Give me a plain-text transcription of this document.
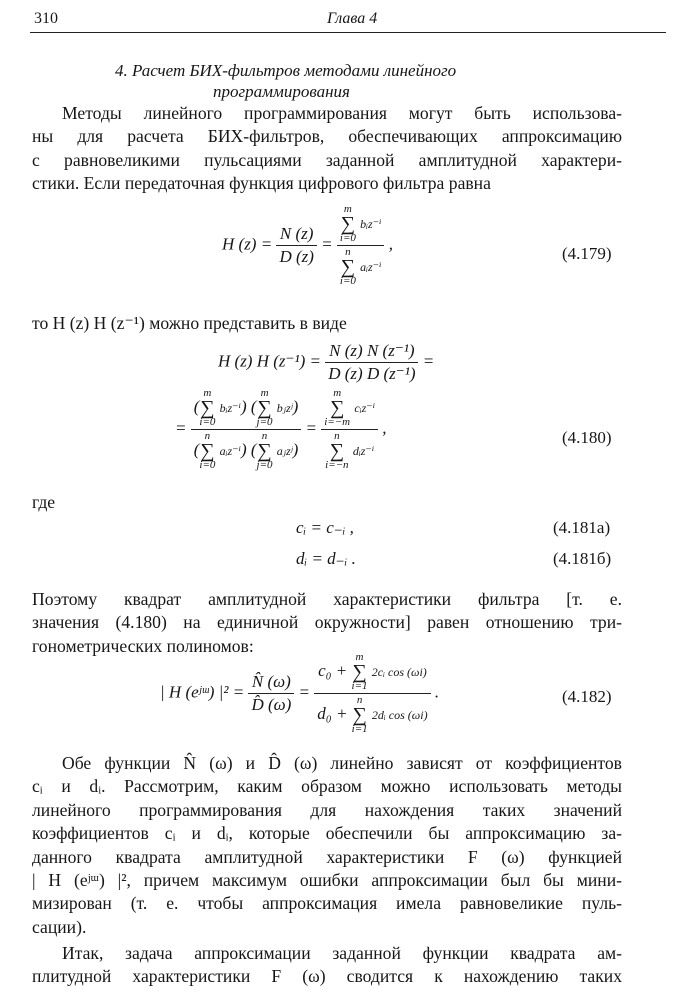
310	Глава 4
4. Расчет БИХ-фильтров методами линейного
программирования
Методы линейного программирования могут быть использова-
ны для расчета БИХ-фильтров, обеспечивающих аппроксимацию
с равновеликими пульсациями заданной амплитудной характери-
стики. Если передаточная функция цифрового фильтра равна
H $(z) = \frac{N (z)}{D (z)} = m$
∑
i=0
bᵢz⁻ⁱ
n
∑
i=0
aᵢz⁻ⁱ ,
(4.179)
то H (z) H (z⁻¹) можно представить в виде
H (z) H $(z^{-1}) = \frac{\text{N (z) N (z⁻¹)}}{\text{D (z) D (z⁻¹)}}$ =
= (
m
∑
i=0
bᵢz⁻ⁱ) (
m
∑
j=0
bⱼzʲ)
(
n
∑
i=0
aᵢz⁻ⁱ) (
n
∑
j=0
aⱼzʲ) = m
∑
i=−m
cᵢz⁻ⁱ
n
∑
i=−n
dᵢz⁻ⁱ ,
(4.180)
где
cᵢ = c₋ᵢ ,	(4.181a)
dᵢ = d₋ᵢ .	(4.181б)
Поэтому квадрат амплитудной характеристики фильтра [т. е.
значения (4.180) на единичной окружности] равен отношению три-
гонометрических полиномов:
| H (eʲᵚ) $|^2 = \frac{N̂ (\omega)}{D̂ (\omega)} = c_0$ +
m
∑
i=1
2cᵢ cos (ωi)
d₀ +
n
∑
i=1
2dᵢ cos (ωi) .	(4.182)
Обе функции N̂ (ω) и D̂ (ω) линейно зависят от коэффициентов
cᵢ и dᵢ. Рассмотрим, каким образом можно использовать методы
линейного программирования для нахождения таких значений
коэффициентов cᵢ и dᵢ, которые обеспечили бы аппроксимацию за-
данного квадрата амплитудной характеристики F (ω) функцией
| H (eʲᵚ) |², причем максимум ошибки аппроксимации был бы мини-
мизирован (т. е. чтобы аппроксимация имела равновеликие пуль-
сации).
Итак, задача аппроксимации заданной функции квадрата ам-
плитудной характеристики F (ω) сводится к нахождению таких
